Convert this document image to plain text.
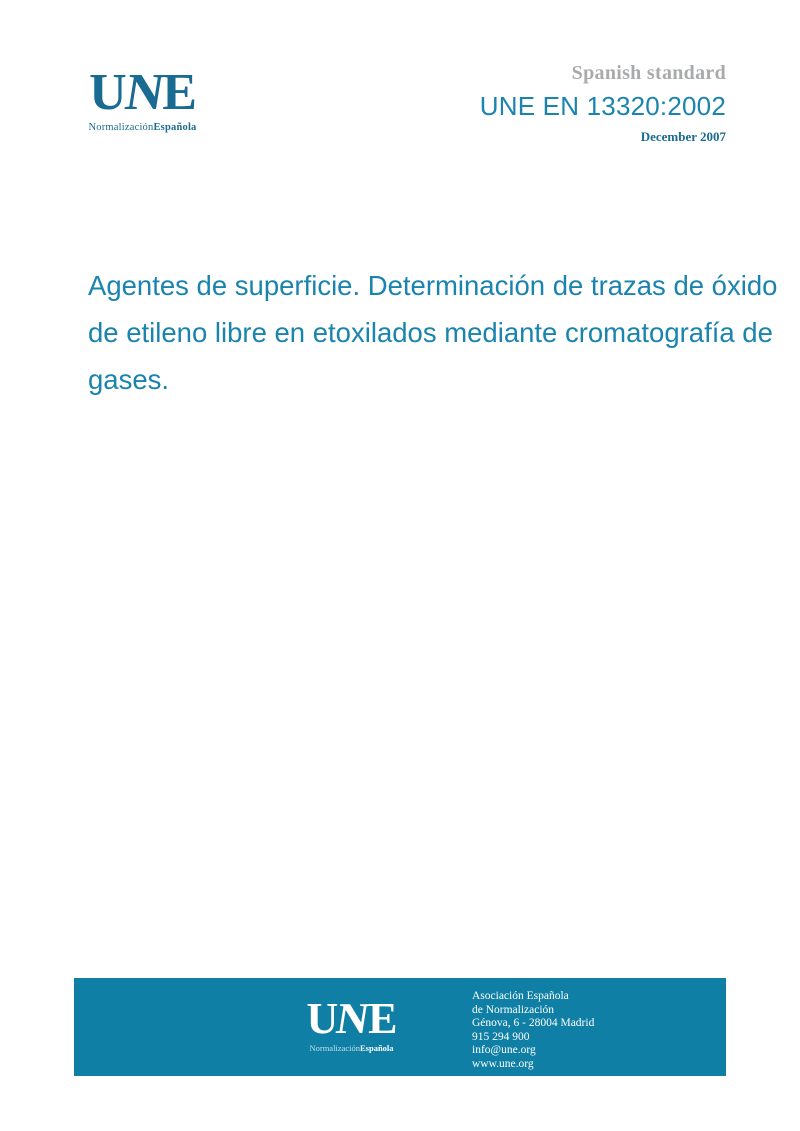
UNE
NormalizaciónEspañola
Spanish standard
UNE EN 13320:2002
December 2007
Agentes de superficie. Determinación de trazas de óxido de etileno libre en etoxilados mediante cromatografía de gases.
UNE
NormalizaciónEspañola
Asociación Española
de Normalización
Génova, 6 - 28004 Madrid
915 294 900
info@une.org
www.une.org
